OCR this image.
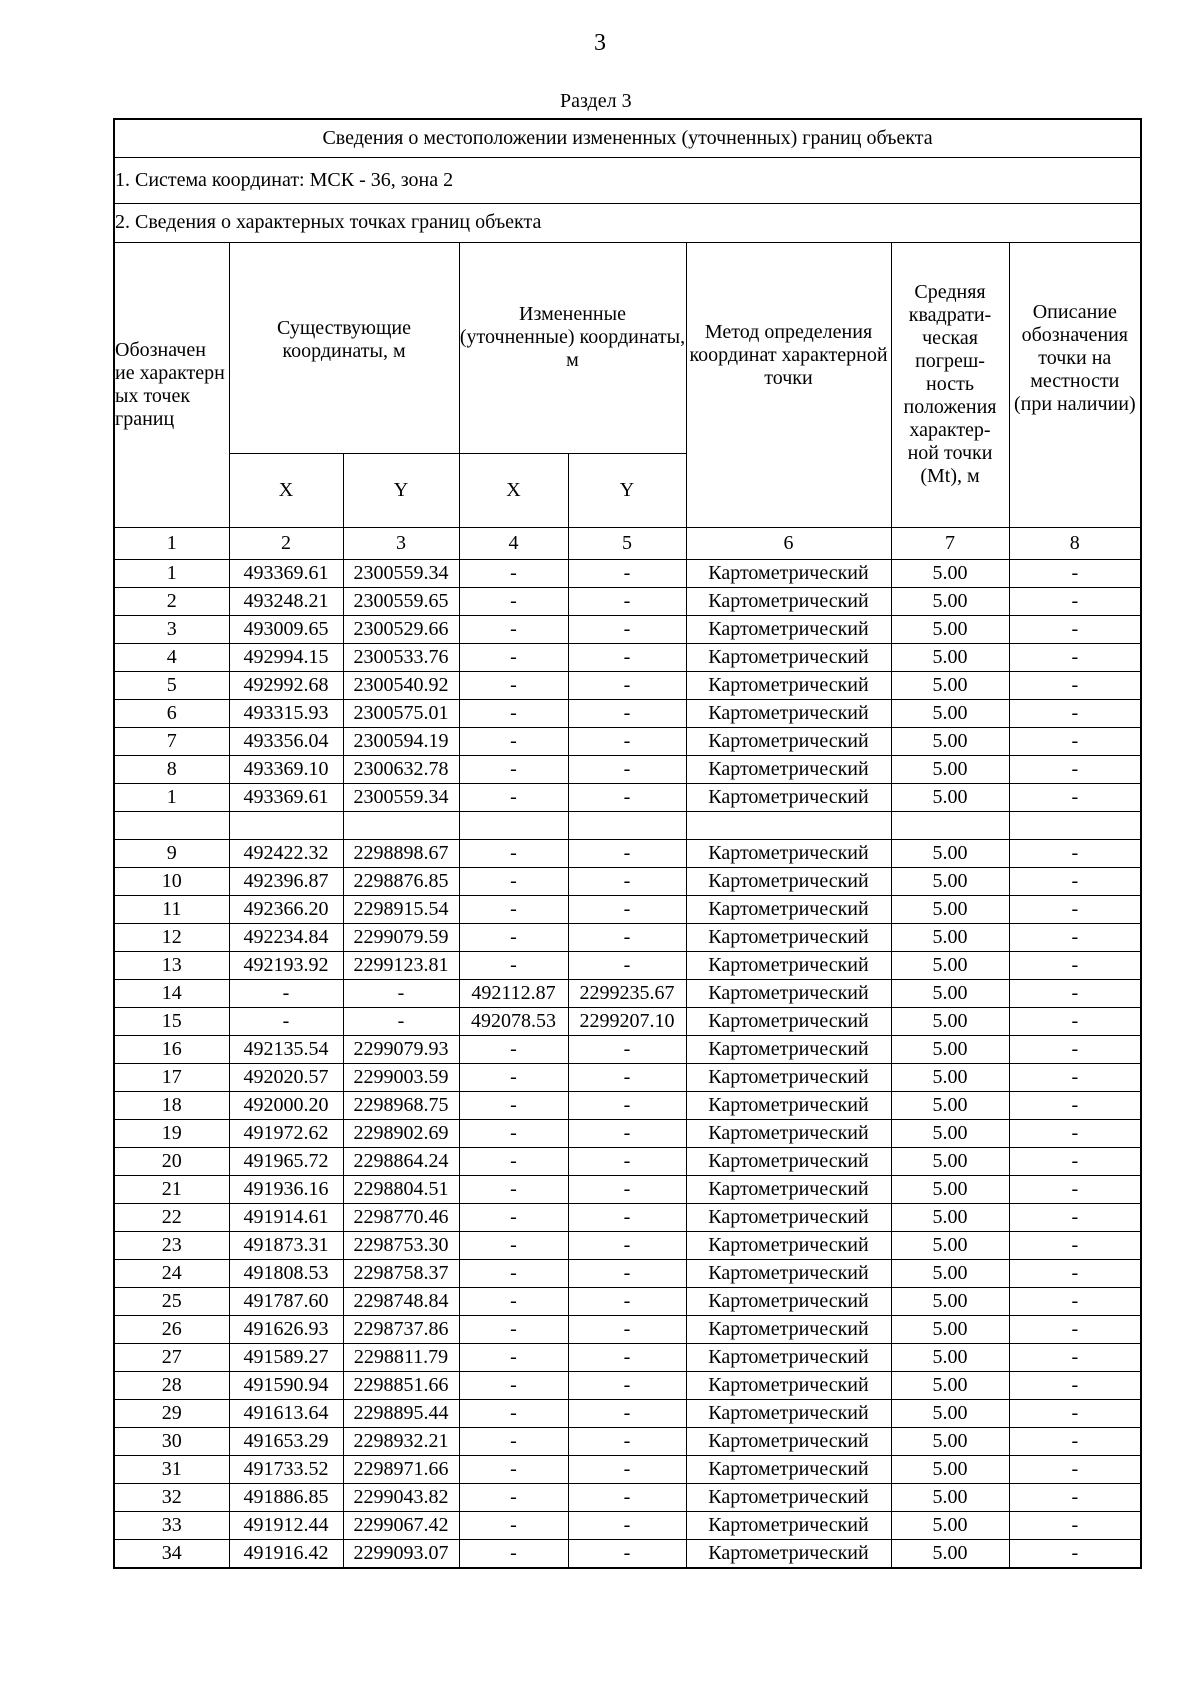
3
Раздел 3
Сведения о местоположении измененных (уточненных) границ объекта							
1. Система координат: МСК - 36, зона 2							
2. Сведения о характерных точках границ объекта							
Обозначен ие характерн ых точек границ	Существующие координаты, м		Измененные (уточненные) координаты, м		Метод определения координат характерной точки	Средняя квадрати- ческая погреш- ность положения характер- ной точки (Mt), м	Описание обозначения точки на местности (при наличии)
	X	Y	X	Y			
1	2	3	4	5	6	7	8
1	493369.61	2300559.34	-	-	Картометрический	5.00	-
2	493248.21	2300559.65	-	-	Картометрический	5.00	-
3	493009.65	2300529.66	-	-	Картометрический	5.00	-
4	492994.15	2300533.76	-	-	Картометрический	5.00	-
5	492992.68	2300540.92	-	-	Картометрический	5.00	-
6	493315.93	2300575.01	-	-	Картометрический	5.00	-
7	493356.04	2300594.19	-	-	Картометрический	5.00	-
8	493369.10	2300632.78	-	-	Картометрический	5.00	-
1	493369.61	2300559.34	-	-	Картометрический	5.00	-

9	492422.32	2298898.67	-	-	Картометрический	5.00	-
10	492396.87	2298876.85	-	-	Картометрический	5.00	-
11	492366.20	2298915.54	-	-	Картометрический	5.00	-
12	492234.84	2299079.59	-	-	Картометрический	5.00	-
13	492193.92	2299123.81	-	-	Картометрический	5.00	-
14	-	-	492112.87	2299235.67	Картометрический	5.00	-
15	-	-	492078.53	2299207.10	Картометрический	5.00	-
16	492135.54	2299079.93	-	-	Картометрический	5.00	-
17	492020.57	2299003.59	-	-	Картометрический	5.00	-
18	492000.20	2298968.75	-	-	Картометрический	5.00	-
19	491972.62	2298902.69	-	-	Картометрический	5.00	-
20	491965.72	2298864.24	-	-	Картометрический	5.00	-
21	491936.16	2298804.51	-	-	Картометрический	5.00	-
22	491914.61	2298770.46	-	-	Картометрический	5.00	-
23	491873.31	2298753.30	-	-	Картометрический	5.00	-
24	491808.53	2298758.37	-	-	Картометрический	5.00	-
25	491787.60	2298748.84	-	-	Картометрический	5.00	-
26	491626.93	2298737.86	-	-	Картометрический	5.00	-
27	491589.27	2298811.79	-	-	Картометрический	5.00	-
28	491590.94	2298851.66	-	-	Картометрический	5.00	-
29	491613.64	2298895.44	-	-	Картометрический	5.00	-
30	491653.29	2298932.21	-	-	Картометрический	5.00	-
31	491733.52	2298971.66	-	-	Картометрический	5.00	-
32	491886.85	2299043.82	-	-	Картометрический	5.00	-
33	491912.44	2299067.42	-	-	Картометрический	5.00	-
34	491916.42	2299093.07	-	-	Картометрический	5.00	-
